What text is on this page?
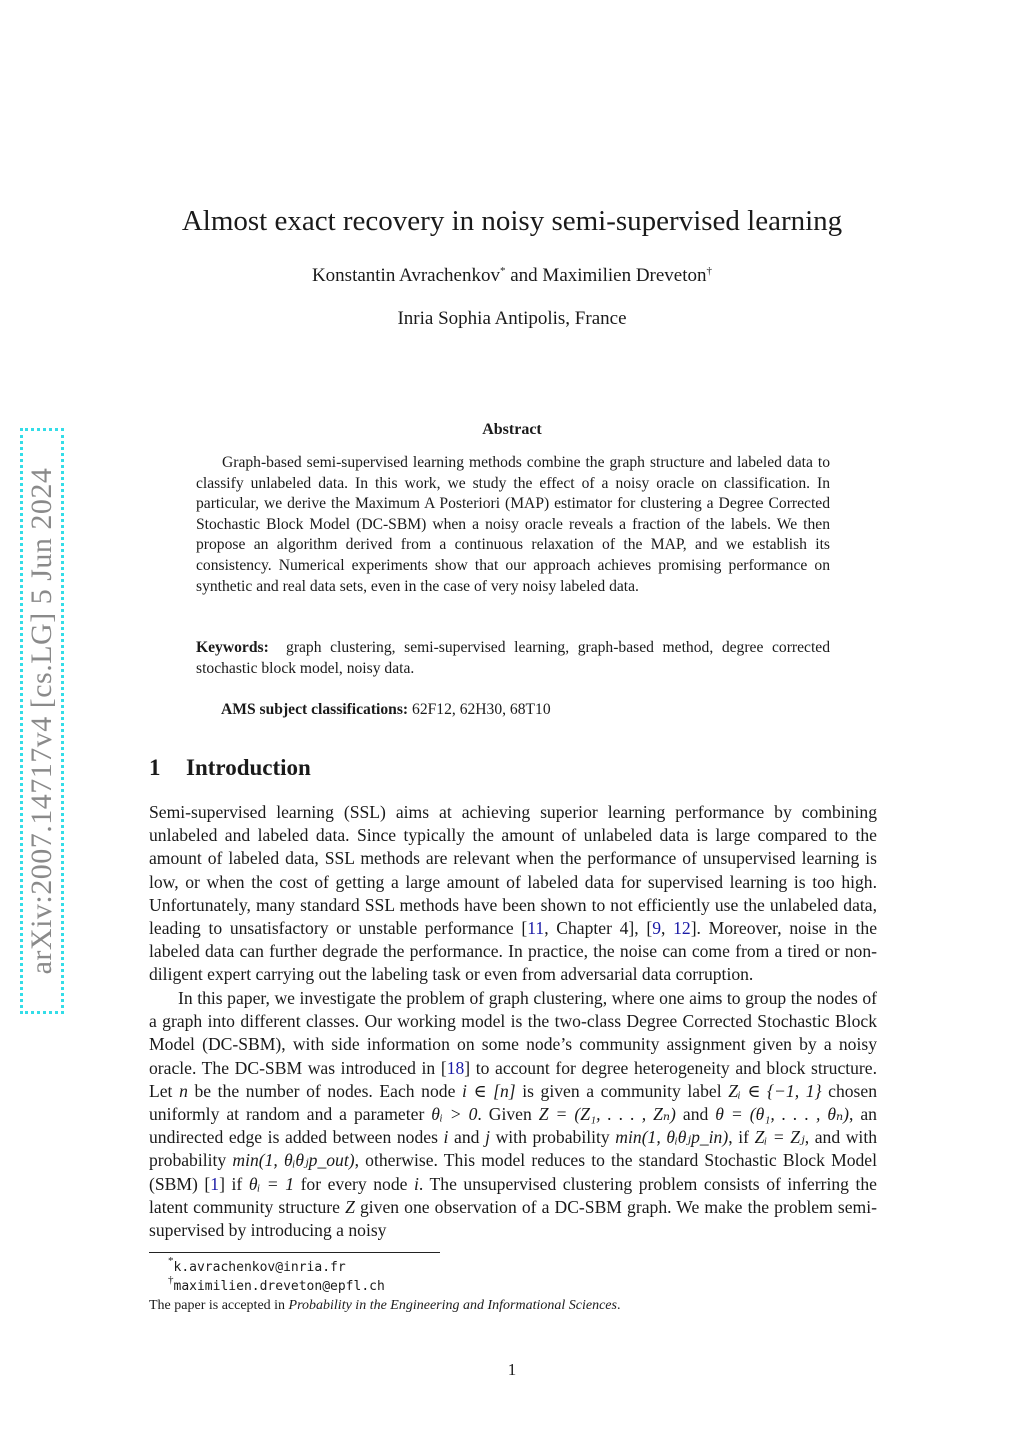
arXiv:2007.14717v4 [cs.LG] 5 Jun 2024
Almost exact recovery in noisy semi-supervised learning
Konstantin Avrachenkov* and Maximilien Dreveton†
Inria Sophia Antipolis, France
Abstract
Graph-based semi-supervised learning methods combine the graph structure and labeled data to classify unlabeled data. In this work, we study the effect of a noisy oracle on classification. In particular, we derive the Maximum A Posteriori (MAP) estimator for clustering a Degree Corrected Stochastic Block Model (DC-SBM) when a noisy oracle reveals a fraction of the labels. We then propose an algorithm derived from a continuous relaxation of the MAP, and we establish its consistency. Numerical experiments show that our approach achieves promising performance on synthetic and real data sets, even in the case of very noisy labeled data.
Keywords: graph clustering, semi-supervised learning, graph-based method, degree corrected stochastic block model, noisy data.
AMS subject classifications: 62F12, 62H30, 68T10
1 Introduction
Semi-supervised learning (SSL) aims at achieving superior learning performance by combining unlabeled and labeled data. Since typically the amount of unlabeled data is large compared to the amount of labeled data, SSL methods are relevant when the performance of unsupervised learning is low, or when the cost of getting a large amount of labeled data for supervised learning is too high. Unfortunately, many standard SSL methods have been shown to not efficiently use the unlabeled data, leading to unsatisfactory or unstable performance [11, Chapter 4], [9, 12]. Moreover, noise in the labeled data can further degrade the performance. In practice, the noise can come from a tired or non-diligent expert carrying out the labeling task or even from adversarial data corruption.
In this paper, we investigate the problem of graph clustering, where one aims to group the nodes of a graph into different classes. Our working model is the two-class Degree Corrected Stochastic Block Model (DC-SBM), with side information on some node’s community assignment given by a noisy oracle. The DC-SBM was introduced in [18] to account for degree heterogeneity and block structure. Let n be the number of nodes. Each node i ∈ [n] is given a community label Zᵢ ∈ {−1, 1} chosen uniformly at random and a parameter θᵢ > 0. Given Z = (Z₁, . . . , Zₙ) and θ = (θ₁, . . . , θₙ), an undirected edge is added between nodes i and j with probability min(1, θᵢθⱼp_in), if Zᵢ = Zⱼ, and with probability min(1, θᵢθⱼp_out), otherwise. This model reduces to the standard Stochastic Block Model (SBM) [1] if θᵢ = 1 for every node i. The unsupervised clustering problem consists of inferring the latent community structure Z given one observation of a DC-SBM graph. We make the problem semi-supervised by introducing a noisy
*k.avrachenkov@inria.fr
†maximilien.dreveton@epfl.ch
The paper is accepted in Probability in the Engineering and Informational Sciences.
1
